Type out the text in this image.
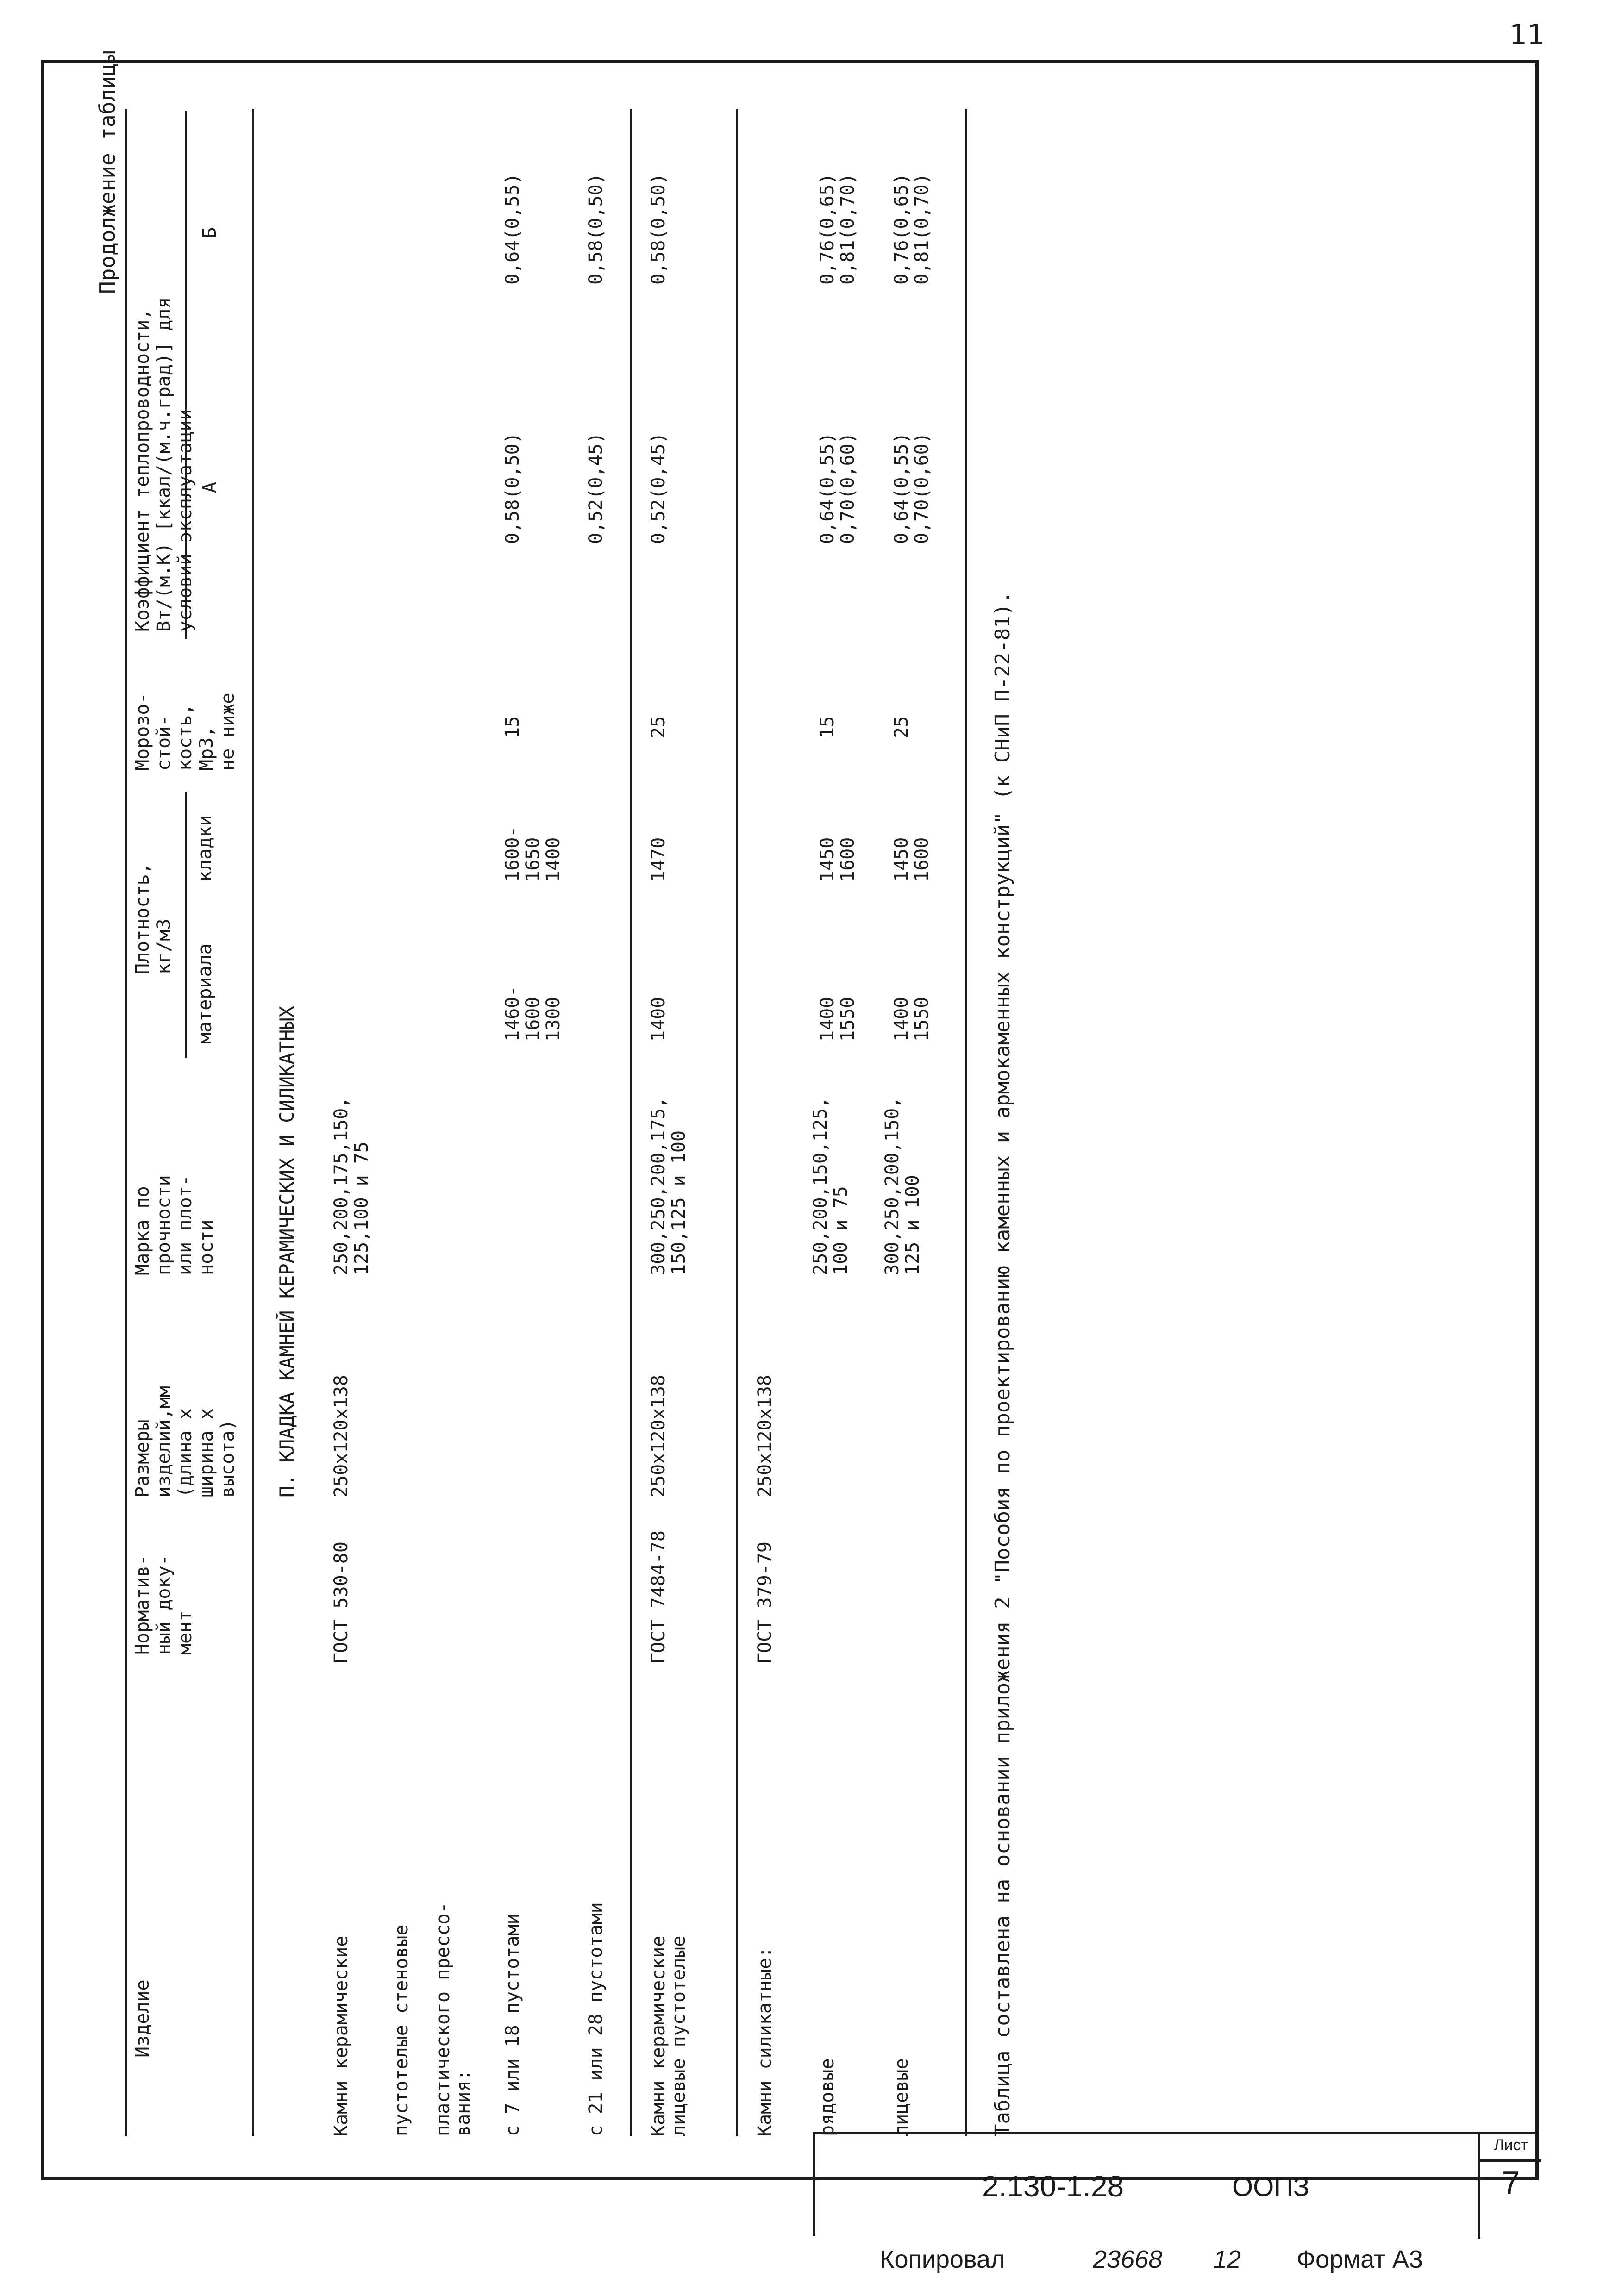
11
Продолжение таблицы
Изделие
Норматив-
ный доку-
мент
Размеры
изделий,мм
(длина x
ширина x
высота)
Марка по
прочности
или плот-
ности
Плотность,
кг/м3 материала
кладки
Морозо-
стой-
кость,
МрЗ,
не ниже
Коэффициент теплопроводности,
Вт/(м.К) [ккал/(м.ч.град)] для
условий эксплуатации А
Б
П. КЛАДКА КАМНЕЙ КЕРАМИЧЕСКИХ И СИЛИКАТНЫХ
Камни керамические
ГОСТ 530-80
250х120х138
250,200,175,150,
125,100 и 75
пустотелые стеновые пластического прессо-
вания: с 7 или 18 пустотами
1460-
1600
1300
1600-
1650
1400
15
0,58(0,50)
0,64(0,55)
с 21 или 28 пустотами
0,52(0,45)
0,58(0,50)
Камни керамические
лицевые пустотелые
ГОСТ 7484-78
250х120х138
300,250,200,175,
150,125 и 100
1400
1470
25
0,52(0,45)
0,58(0,50)
Камни силикатные:
ГОСТ 379-79
250х120х138
рядовые
250,200,150,125,
100 и 75
1400
1550
1450
1600
15
0,64(0,55)
0,70(0,60)
0,76(0,65)
0,81(0,70)
лицевые
300,250,200,150,
125 и 100
1400
1550
1450
1600
25
0,64(0,55)
0,70(0,60)
0,76(0,65)
0,81(0,70)
Таблица составлена на основании приложения 2 "Пособия по проектированию каменных и армокаменных конструкций" (к СНиП П-22-81).
2.130-1.28	ООПЗ
Лист
7
Копировал	23668 12 Формат А3
